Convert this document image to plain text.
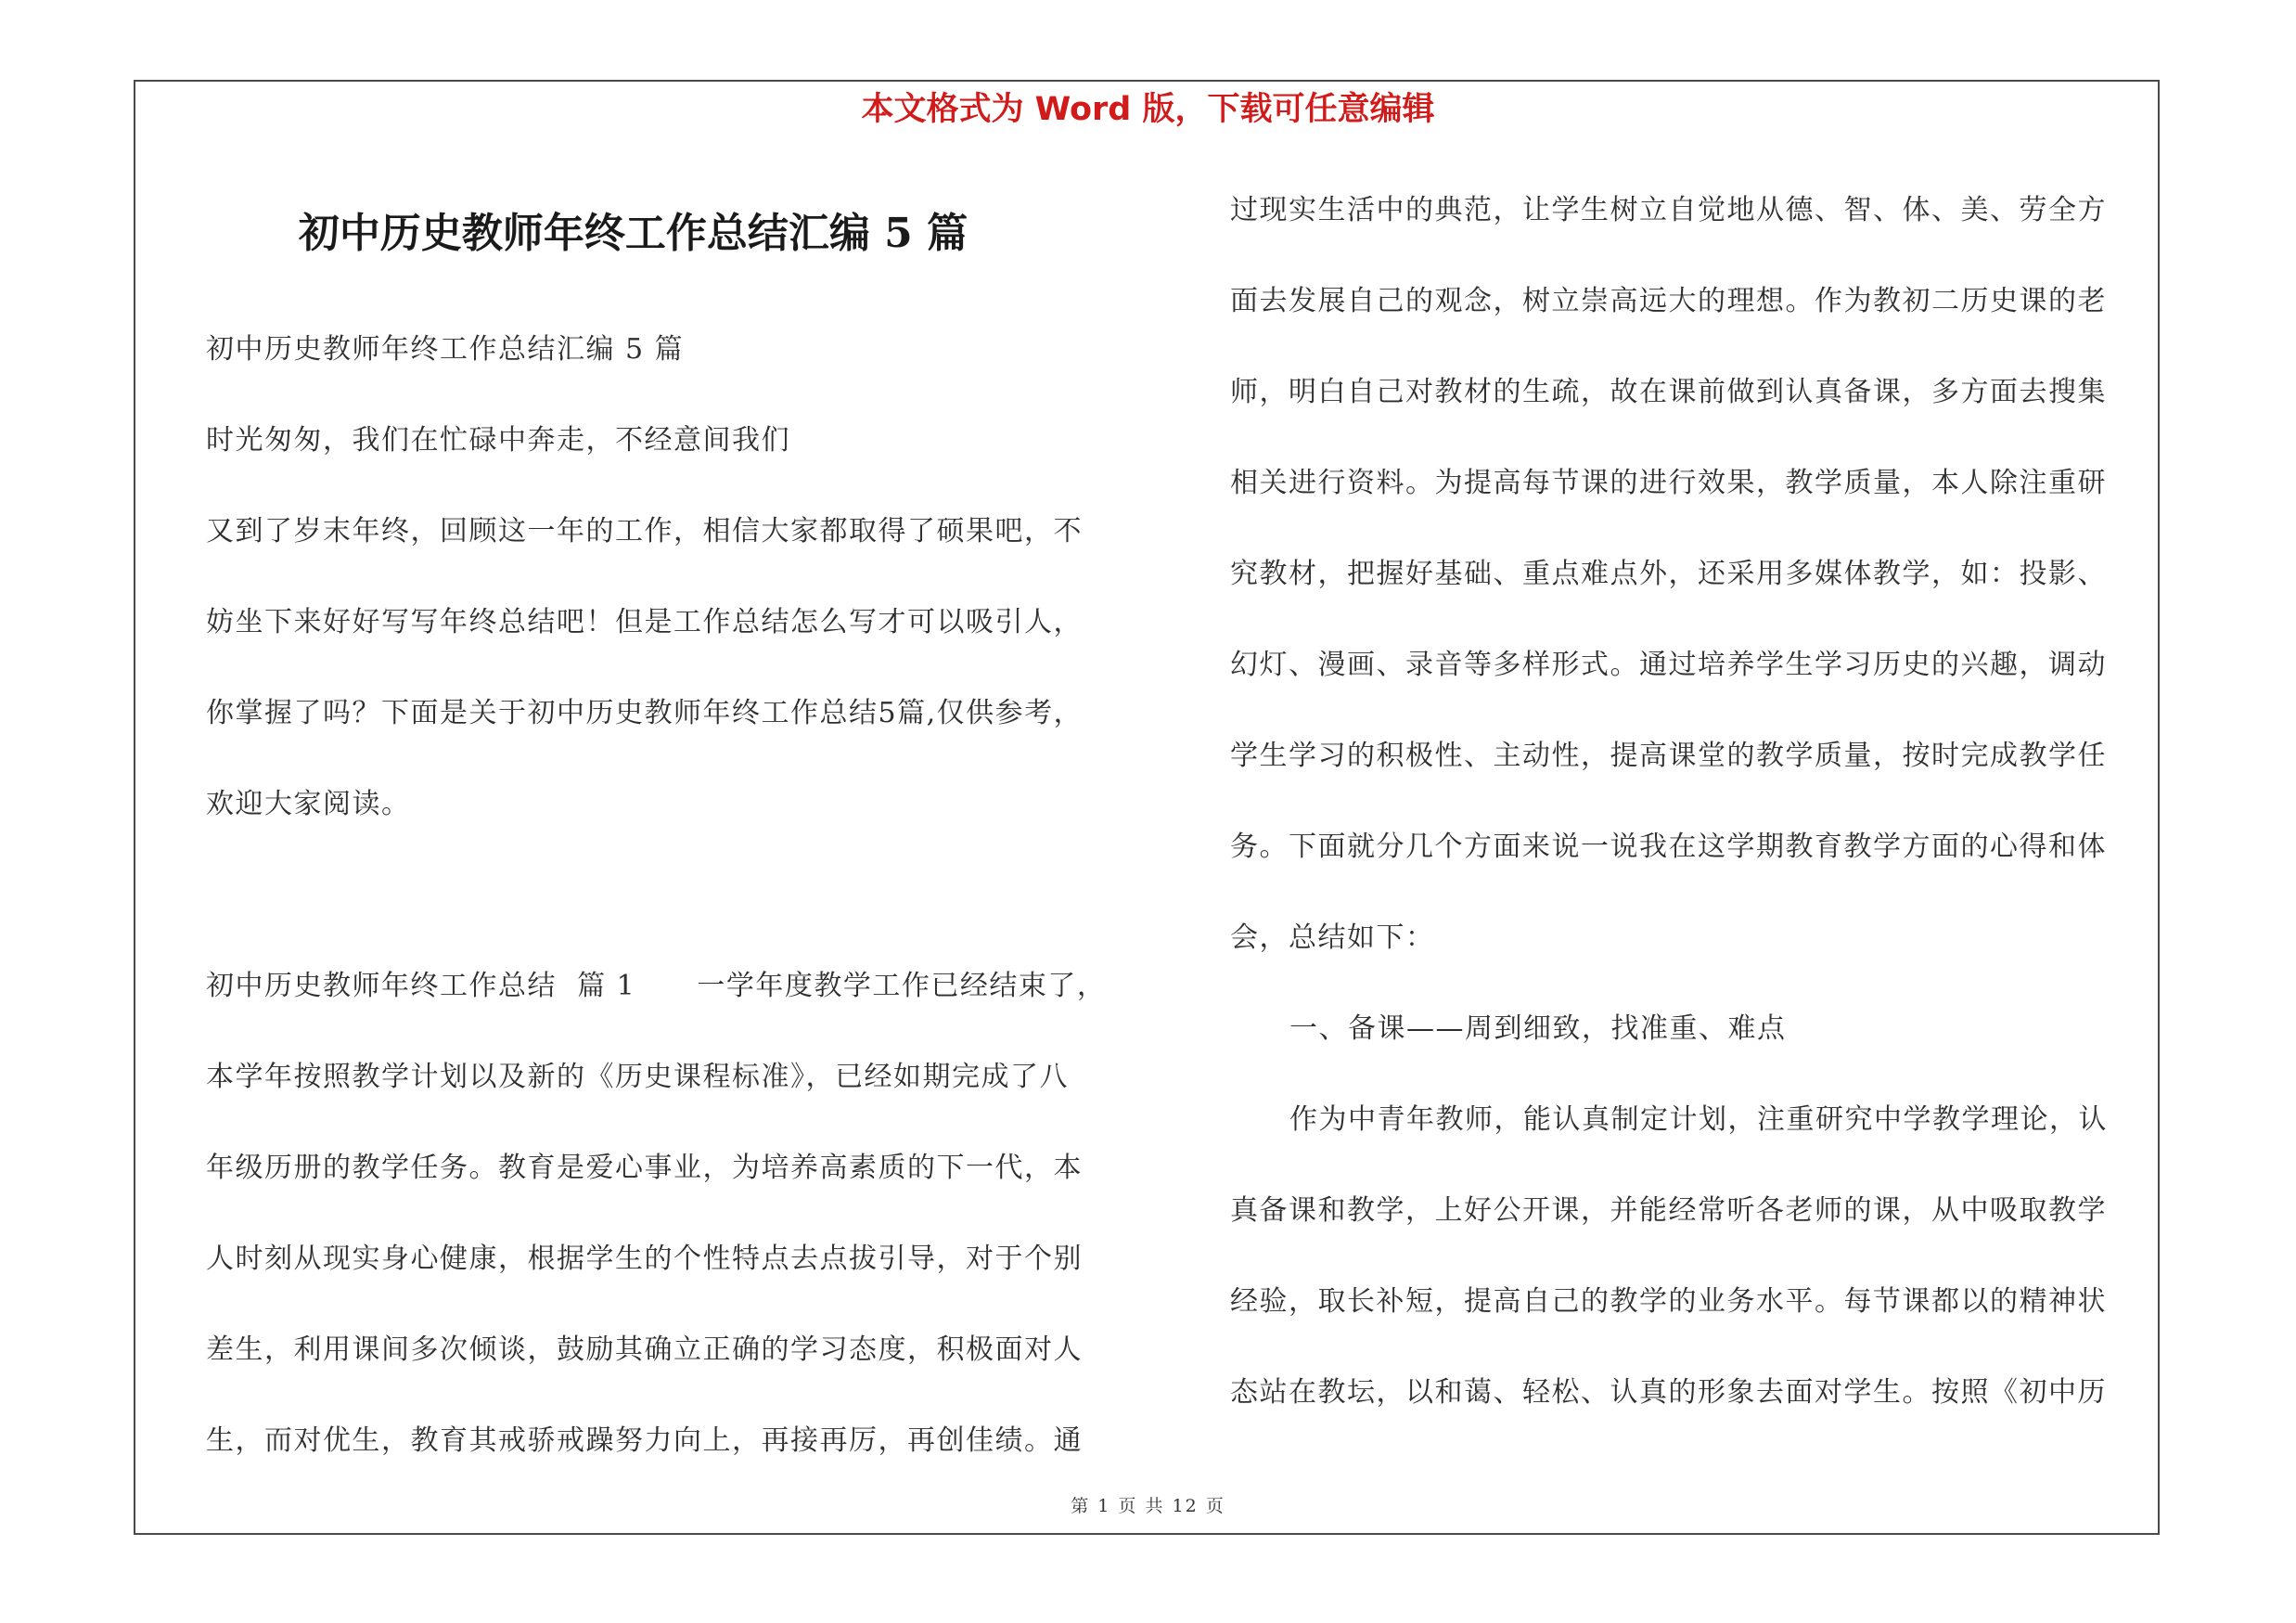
本文格式为 Word 版，下载可任意编辑
初中历史教师年终工作总结汇编 5 篇

初中历史教师年终工作总结汇编 5 篇

时光匆匆，我们在忙碌中奔走，不经意间我们

又到了岁末年终，回顾这一年的工作，相信大家都取得了硕果吧，不

妨坐下来好好写写年终总结吧！但是工作总结怎么写才可以吸引人，

你掌握了吗？下面是关于初中历史教师年终工作总结5篇,仅供参考，

欢迎大家阅读。

初中历史教师年终工作总结  篇 1      一学年度教学工作已经结束了，

本学年按照教学计划以及新的《历史课程标准》，已经如期完成了八

年级历册的教学任务。教育是爱心事业，为培养高素质的下一代，本

人时刻从现实身心健康，根据学生的个性特点去点拔引导，对于个别

差生，利用课间多次倾谈，鼓励其确立正确的学习态度，积极面对人

生，而对优生，教育其戒骄戒躁努力向上，再接再厉，再创佳绩。通

过现实生活中的典范，让学生树立自觉地从德、智、体、美、劳全方

面去发展自己的观念，树立崇高远大的理想。作为教初二历史课的老

师，明白自己对教材的生疏，故在课前做到认真备课，多方面去搜集

相关进行资料。为提高每节课的进行效果，教学质量，本人除注重研

究教材，把握好基础、重点难点外，还采用多媒体教学，如：投影、

幻灯、漫画、录音等多样形式。通过培养学生学习历史的兴趣，调动

学生学习的积极性、主动性，提高课堂的教学质量，按时完成教学任

务。下面就分几个方面来说一说我在这学期教育教学方面的心得和体

会，总结如下：

一、备课——周到细致，找准重、难点

作为中青年教师，能认真制定计划，注重研究中学教学理论，认

真备课和教学，上好公开课，并能经常听各老师的课，从中吸取教学

经验，取长补短，提高自己的教学的业务水平。每节课都以的精神状

态站在教坛，以和蔼、轻松、认真的形象去面对学生。按照《初中历

第 1 页 共 12 页
